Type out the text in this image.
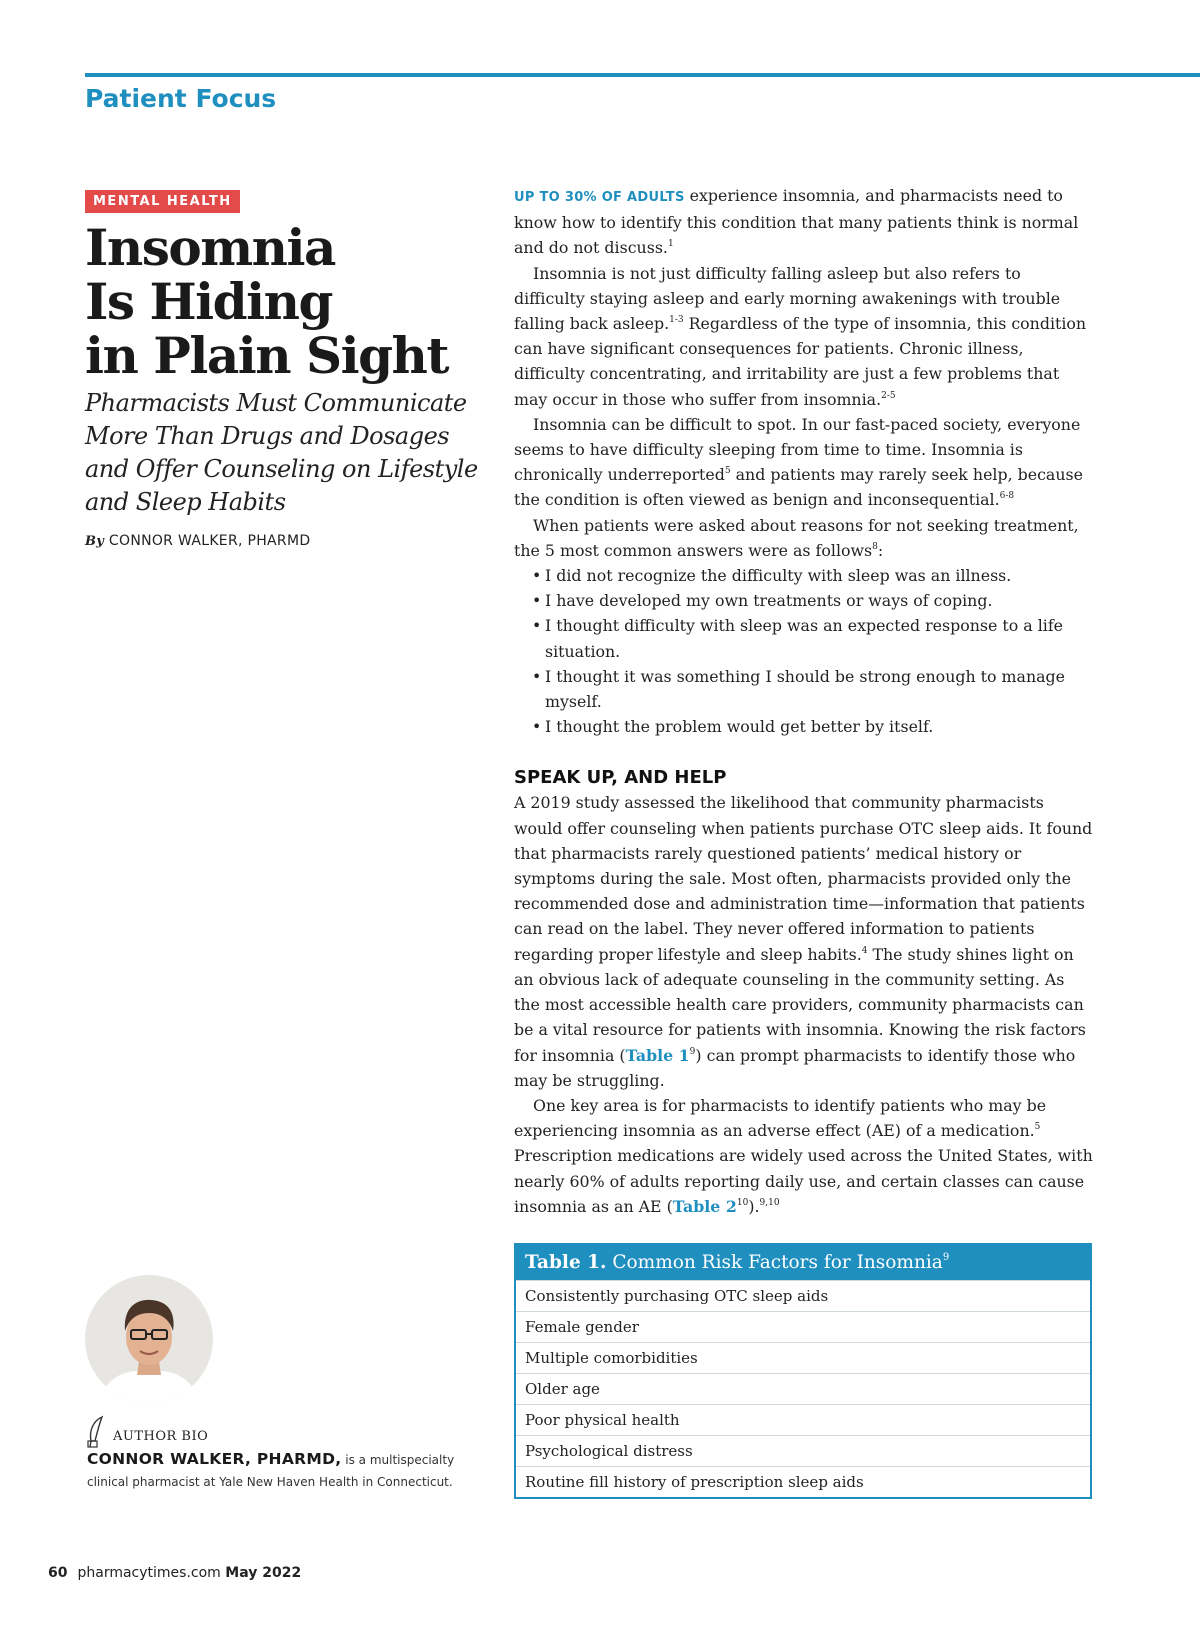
Patient Focus
MENTAL HEALTH
Insomnia
Is Hiding
in Plain Sight
Pharmacists Must Communicate More Than Drugs and Dosages and Offer Counseling on Lifestyle and Sleep Habits
By CONNOR WALKER, PHARMD

UP TO 30% OF ADULTS experience insomnia, and pharmacists need to know how to identify this condition that many patients think is normal and do not discuss.$^1$

Insomnia is not just difficulty falling asleep but also refers to difficulty staying asleep and early morning awakenings with trouble falling back asleep.$^{1-3}$ Regardless of the type of insomnia, this condition can have significant consequences for patients. Chronic illness, difficulty concentrating, and irritability are just a few problems that may occur in those who suffer from insomnia.$^{2-5}$

Insomnia can be difficult to spot. In our fast-paced society, everyone seems to have difficulty sleeping from time to time. Insomnia is chronically underreported$^5$ and patients may rarely seek help, because the condition is often viewed as benign and inconsequential.$^{6-8}$

When patients were asked about reasons for not seeking treatment, the 5 most common answers were as follows$^8$:

• I did not recognize the difficulty with sleep was an illness.
• I have developed my own treatments or ways of coping.
• I thought difficulty with sleep was an expected response to a life situation.
• I thought it was something I should be strong enough to manage myself.
• I thought the problem would get better by itself.
SPEAK UP, AND HELP

A 2019 study assessed the likelihood that community pharmacists would offer counseling when patients purchase OTC sleep aids. It found that pharmacists rarely questioned patients’ medical history or symptoms during the sale. Most often, pharmacists provided only the recommended dose and administration time—information that patients can read on the label. They never offered information to patients regarding proper lifestyle and sleep habits.$^4$ The study shines light on an obvious lack of adequate counseling in the community setting. As the most accessible health care providers, community pharmacists can be a vital resource for patients with insomnia. Knowing the risk factors for insomnia (Table $1^9$) can prompt pharmacists to identify those who may be struggling.

One key area is for pharmacists to identify patients who may be experiencing insomnia as an adverse effect (AE) of a medication.$^5$ Prescription medications are widely used across the United States, with nearly 60% of adults reporting daily use, and certain classes can cause insomnia as an AE (Table $2^{10}).^{9,10}$

Table 1. Common Risk Factors for Insomnia$^9$
Consistently purchasing OTC sleep aids
Female gender
Multiple comorbidities
Older age
Poor physical health
Psychological distress
Routine fill history of prescription sleep aids
AUTHOR BIO
CONNOR WALKER, PHARMD, is a multispecialty clinical pharmacist at Yale New Haven Health in Connecticut.
60 pharmacytimes.com May 2022
